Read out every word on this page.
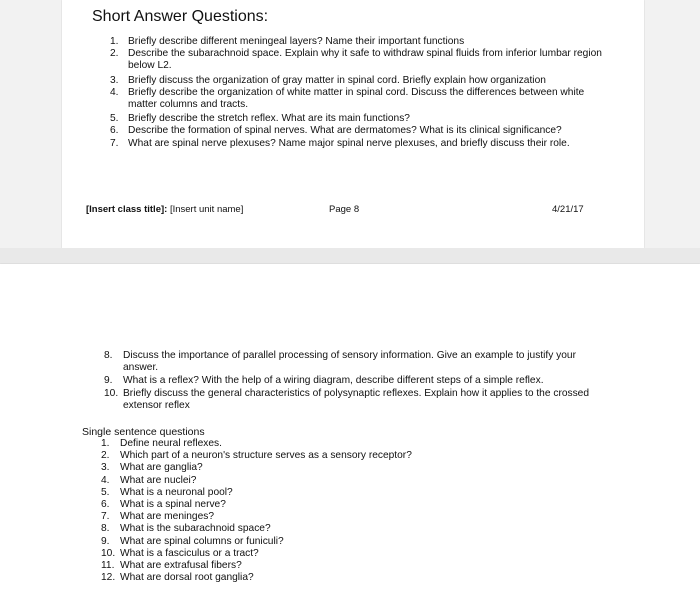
Short Answer Questions:
1. Briefly describe different meningeal layers? Name their important functions
2. Describe the subarachnoid space. Explain why it safe to withdraw spinal fluids from inferior lumbar region below L2.
3. Briefly discuss the organization of gray matter in spinal cord. Briefly explain how organization
4. Briefly describe the organization of white matter in spinal cord. Discuss the differences between white matter columns and tracts.
5. Briefly describe the stretch reflex. What are its main functions?
6. Describe the formation of spinal nerves. What are dermatomes? What is its clinical significance?
7. What are spinal nerve plexuses? Name major spinal nerve plexuses, and briefly discuss their role.
[Insert class title]: [Insert unit name]	Page 8	4/21/17
8. Discuss the importance of parallel processing of sensory information. Give an example to justify your answer.
9. What is a reflex? With the help of a wiring diagram, describe different steps of a simple reflex.
10. Briefly discuss the general characteristics of polysynaptic reflexes. Explain how it applies to the crossed extensor reflex
Single sentence questions
1. Define neural reflexes.
2. Which part of a neuron's structure serves as a sensory receptor?
3. What are ganglia?
4. What are nuclei?
5. What is a neuronal pool?
6. What is a spinal nerve?
7. What are meninges?
8. What is the subarachnoid space?
9. What are spinal columns or funiculi?
10. What is a fasciculus or a tract?
11. What are extrafusal fibers?
12. What are dorsal root ganglia?
